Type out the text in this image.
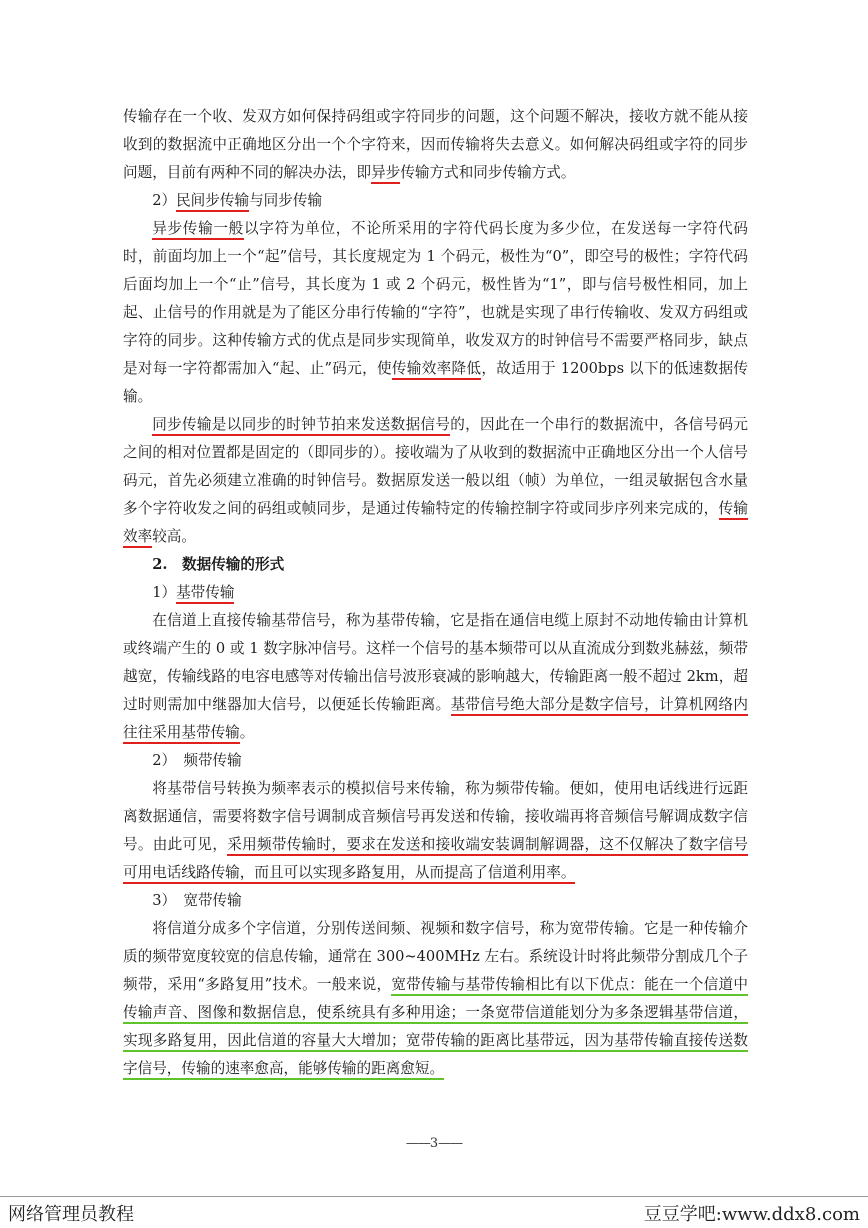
传输存在一个收、发双方如何保持码组或字符同步的问题，这个问题不解决，接收方就不能从接收到的数据流中正确地区分出一个个字符来，因而传输将失去意义。如何解决码组或字符的同步问题，目前有两种不同的解决办法，即异步传输方式和同步传输方式。

2）民间步传输与同步传输

异步传输一般以字符为单位，不论所采用的字符代码长度为多少位，在发送每一字符代码时，前面均加上一个“起”信号，其长度规定为 1 个码元，极性为“0”，即空号的极性；字符代码后面均加上一个“止”信号，其长度为 1 或 2 个码元，极性皆为“1”，即与信号极性相同，加上起、止信号的作用就是为了能区分串行传输的“字符”，也就是实现了串行传输收、发双方码组或字符的同步。这种传输方式的优点是同步实现简单，收发双方的时钟信号不需要严格同步，缺点是对每一字符都需加入“起、止”码元，使传输效率降低，故适用于 1200bps 以下的低速数据传输。

同步传输是以同步的时钟节拍来发送数据信号的，因此在一个串行的数据流中，各信号码元之间的相对位置都是固定的（即同步的）。接收端为了从收到的数据流中正确地区分出一个人信号码元，首先必须建立准确的时钟信号。数据原发送一般以组（帧）为单位，一组灵敏据包含水量多个字符收发之间的码组或帧同步，是通过传输特定的传输控制字符或同步序列来完成的，传输效率较高。

2.　数据传输的形式

1）基带传输

在信道上直接传输基带信号，称为基带传输，它是指在通信电缆上原封不动地传输由计算机或终端产生的 0 或 1 数字脉冲信号。这样一个信号的基本频带可以从直流成分到数兆赫兹，频带越宽，传输线路的电容电感等对传输出信号波形衰减的影响越大，传输距离一般不超过 2km，超过时则需加中继器加大信号，以便延长传输距离。基带信号绝大部分是数字信号，计算机网络内往往采用基带传输。

2）　频带传输

将基带信号转换为频率表示的模拟信号来传输，称为频带传输。便如，使用电话线进行远距离数据通信，需要将数字信号调制成音频信号再发送和传输，接收端再将音频信号解调成数字信号。由此可见，采用频带传输时，要求在发送和接收端安装调制解调器，这不仅解决了数字信号可用电话线路传输，而且可以实现多路复用，从而提高了信道利用率。

3）　宽带传输

将信道分成多个字信道，分别传送间频、视频和数字信号，称为宽带传输。它是一种传输介质的频带宽度较宽的信息传输，通常在 300~400MHz 左右。系统设计时将此频带分割成几个子频带，采用“多路复用”技术。一般来说，宽带传输与基带传输相比有以下优点：能在一个信道中传输声音、图像和数据信息，使系统具有多种用途；一条宽带信道能划分为多条逻辑基带信道，实现多路复用，因此信道的容量大大增加；宽带传输的距离比基带远，因为基带传输直接传送数字信号，传输的速率愈高，能够传输的距离愈短。

——3——
网络管理员教程	豆豆学吧:www.ddx8.com
